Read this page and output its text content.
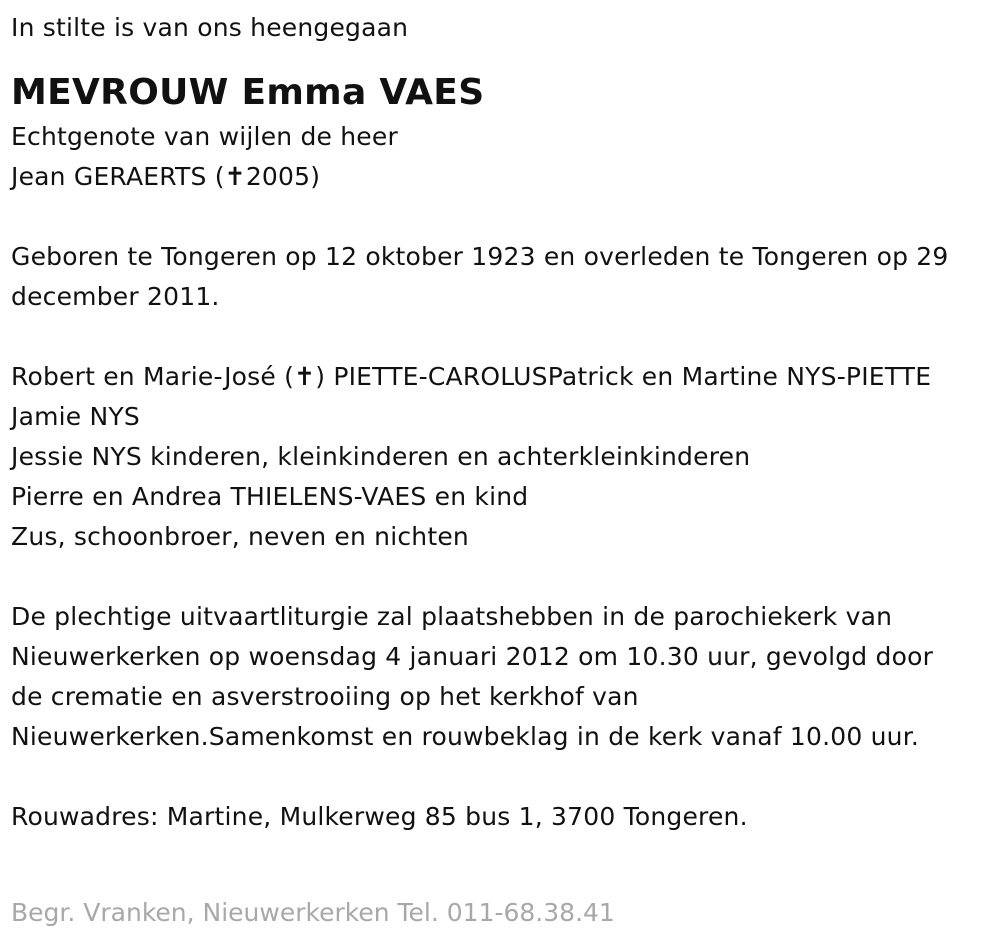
In stilte is van ons heengegaan
MEVROUW Emma VAES
Echtgenote van wijlen de heer
Jean GERAERTS (✝2005)
Geboren te Tongeren op 12 oktober 1923 en overleden te Tongeren op 29
december 2011.
Robert en Marie-José (✝) PIETTE-CAROLUSPatrick en Martine NYS-PIETTE
Jamie NYS
Jessie NYS kinderen, kleinkinderen en achterkleinkinderen
Pierre en Andrea THIELENS-VAES en kind
Zus, schoonbroer, neven en nichten
De plechtige uitvaartliturgie zal plaatshebben in de parochiekerk van
Nieuwerkerken op woensdag 4 januari 2012 om 10.30 uur, gevolgd door
de crematie en asverstrooiing op het kerkhof van
Nieuwerkerken.Samenkomst en rouwbeklag in de kerk vanaf 10.00 uur.
Rouwadres: Martine, Mulkerweg 85 bus 1, 3700 Tongeren.
Begr. Vranken, Nieuwerkerken Tel. 011-68.38.41
